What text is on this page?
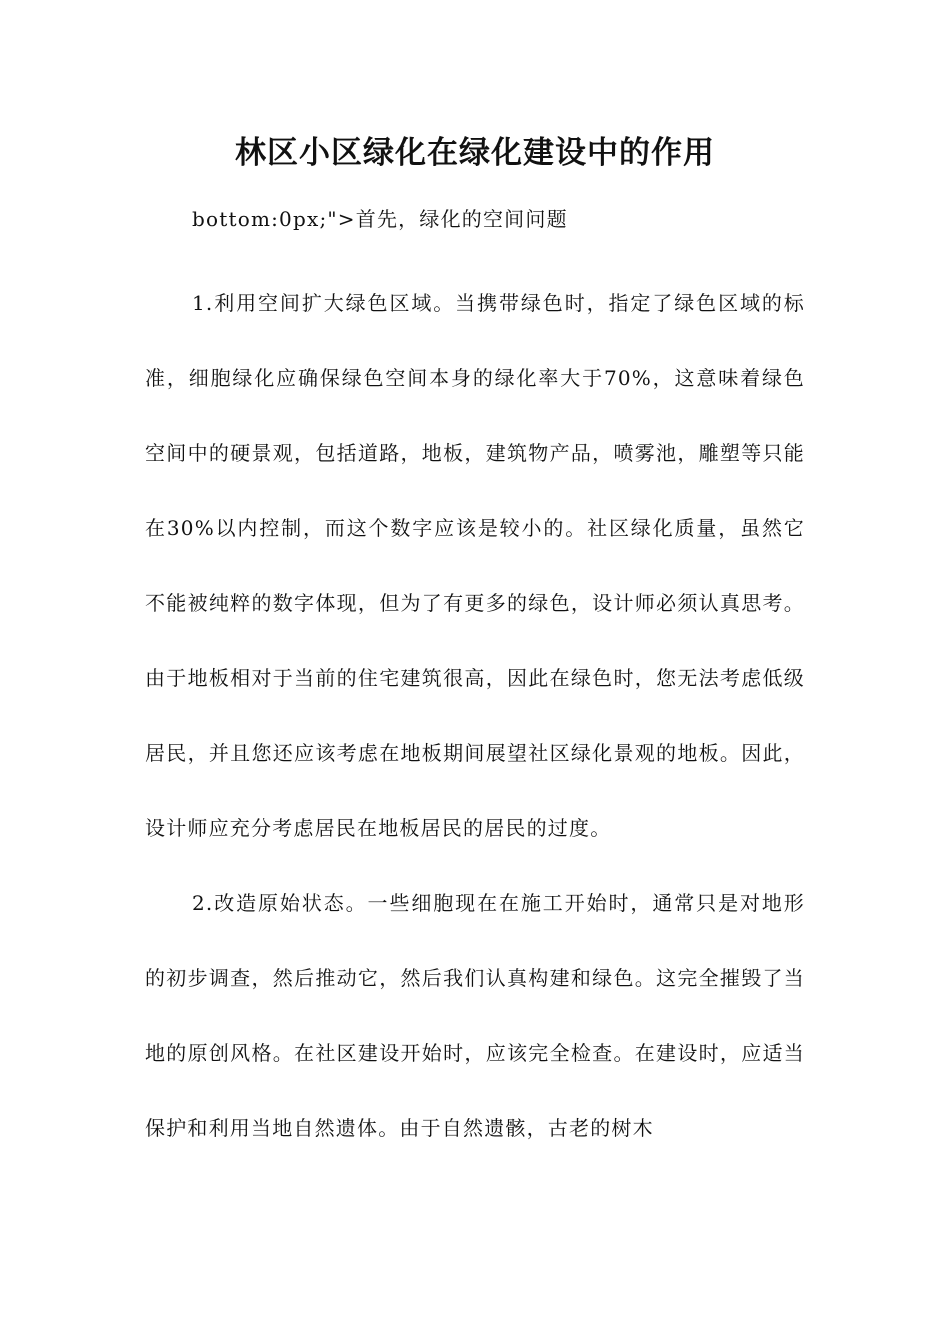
林区小区绿化在绿化建设中的作用

bottom:0px;">首先，绿化的空间问题

1.利用空间扩大绿色区域。当携带绿色时，指定了绿色区域的标准，细胞绿化应确保绿色空间本身的绿化率大于70%，这意味着绿色空间中的硬景观，包括道路，地板，建筑物产品，喷雾池，雕塑等只能在30%以内控制，而这个数字应该是较小的。社区绿化质量，虽然它不能被纯粹的数字体现，但为了有更多的绿色，设计师必须认真思考。由于地板相对于当前的住宅建筑很高，因此在绿色时，您无法考虑低级居民，并且您还应该考虑在地板期间展望社区绿化景观的地板。因此，设计师应充分考虑居民在地板居民的居民的过度。

2.改造原始状态。一些细胞现在在施工开始时，通常只是对地形的初步调查，然后推动它，然后我们认真构建和绿色。这完全摧毁了当地的原创风格。在社区建设开始时，应该完全检查。在建设时，应适当保护和利用当地自然遗体。由于自然遗骸，古老的树木
